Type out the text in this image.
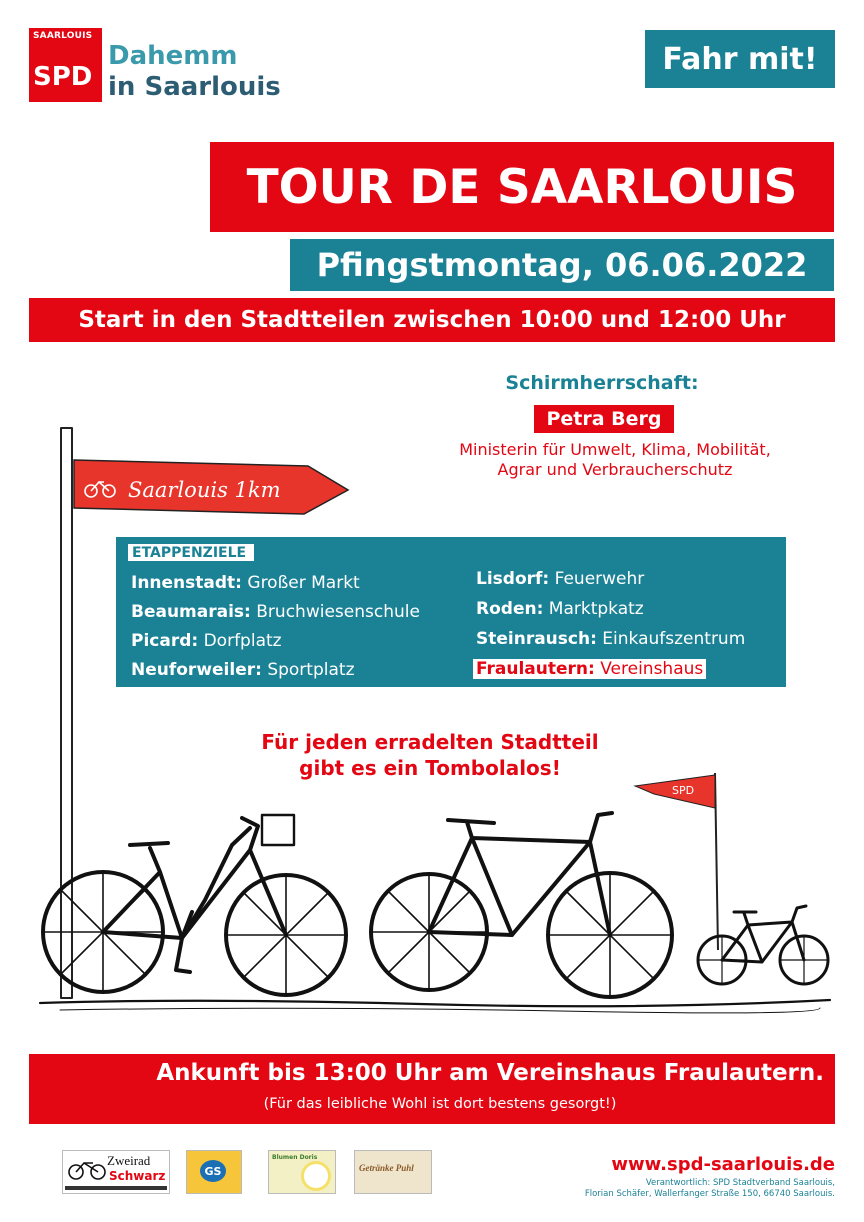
SAARLOUIS
SPD
Dahemm
in Saarlouis
Fahr mit!
TOUR DE SAARLOUIS
Pfingstmontag, 06.06.2022
Start in den Stadtteilen zwischen 10:00 und 12:00 Uhr
Schirmherrschaft:
Petra Berg
Ministerin für Umwelt, Klima, Mobilität,
Agrar und Verbraucherschutz
Saarlouis 1km
SPD
ETAPPENZIELE
Innenstadt: Großer Markt
Beaumarais: Bruchwiesenschule
Picard: Dorfplatz
Neuforweiler: Sportplatz
Lisdorf: Feuerwehr
Roden: Marktpkatz
Steinrausch: Einkaufszentrum
Fraulautern: Vereinshaus
Für jeden erradelten Stadtteil
gibt es ein Tombolalos!
Ankunft bis 13:00 Uhr am Vereinshaus Fraulautern.
(Für das leibliche Wohl ist dort bestens gesorgt!)
Zweirad
Schwarz	GS
Blumen Doris
Getränke Puhl	www.spd-saarlouis.de
Verantwortlich: SPD Stadtverband Saarlouis,
Florian Schäfer, Wallerfanger Straße 150, 66740 Saarlouis.
